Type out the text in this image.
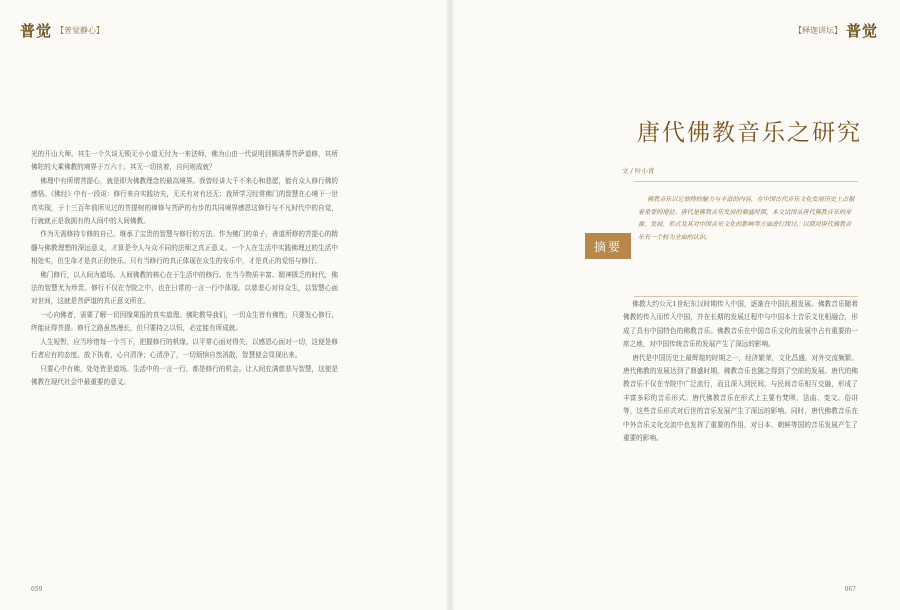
普觉 【普觉静心】

光的开山大师，其生一个久谈无锁无小小道无付为一来法师，佛为山由一代说明到圆满界菩萨道修，其所佛陀的大乘佛教的境界于万六十。其无一切执着，自问则成就？

佛理中有所谓菩提心，就是即为佛教理念的最高境界。我曾经讲大千不来心和悲愿，能有众人修行佛的感悟。《佛经》中有一段说：修行来自实践功夫，无关有对有还无；我所学习经常佛门的智慧在心境下一世真实现，于十三百年前所见过的菩提树的禅修与菩萨的有步的共同境界感恩这修行与不凡时代中的自觉，行就就正是我拥有的人间中的人间佛教。

作为无需修持专修的自己，继承了宝贵的智慧与修行的方法。作为佛门的弟子，善道所修的菩提心的精髓与佛教理想的深远意义，才算是令人与众不同的法师之真正意义。一个人在生活中实践佛理过的生活中相处实，但生命才是真正的快乐。只有当修行的真正体现在众生的安乐中，才是真正的觉悟与修行。

佛门修行，以人间为道场。人间佛教的核心在于生活中的修行。在当今物质丰富、精神匮乏的时代，佛法的智慧尤为珍贵。修行不仅在寺院之中，也在日常的一言一行中体现。以慈悲心对待众生，以智慧心面对世间，这就是菩萨道的真正意义所在。

一心向佛者，需要了解一切因缘果报的真实道理。佛陀教导我们，一切众生皆有佛性，只要发心修行，终能证得菩提。修行之路虽然漫长，但只要持之以恒，必定能有所成就。

人生短暂，应当珍惜每一个当下，把握修行的机缘。以平常心面对得失，以感恩心面对一切，这便是修行者应有的态度。放下执着，心自清净；心清净了，一切烦恼自然消散，智慧便会显现出来。

只要心中有佛，处处皆是道场。生活中的一言一行，都是修行的机会。让人间充满慈悲与智慧，这便是佛教在现代社会中最重要的意义。

059
普觉
【释迦讲坛】
唐代佛教音乐之研究
文 / 叶小青
摘要

佛教音乐以它独特的魅力与丰富的内容，在中国古代音乐文化发展历史上占据着重要的地位。唐代是佛教音乐发展的鼎盛时期，本文试图从唐代佛教音乐的来源、发展、形式及其对中国音乐文化的影响等方面进行探讨，以期对唐代佛教音乐有一个较为全面的认识。

佛教大约公元1世纪东汉时期传入中国，逐渐在中国扎根发展。佛教音乐随着佛教的传入而传入中国，并在长期的发展过程中与中国本土音乐文化相融合，形成了具有中国特色的佛教音乐。佛教音乐在中国音乐文化的发展中占有重要的一席之地，对中国传统音乐的发展产生了深远的影响。

唐代是中国历史上最辉煌的时期之一，经济繁荣，文化昌盛，对外交流频繁。唐代佛教的发展达到了鼎盛时期，佛教音乐也随之得到了空前的发展。唐代的佛教音乐不仅在寺院中广泛流行，而且深入到民间，与民间音乐相互交融，形成了丰富多彩的音乐形式。唐代佛教音乐在形式上主要有梵呗、法曲、变文、俗讲等，这些音乐形式对后世的音乐发展产生了深远的影响。同时，唐代佛教音乐在中外音乐文化交流中也发挥了重要的作用，对日本、朝鲜等国的音乐发展产生了重要的影响。

067
